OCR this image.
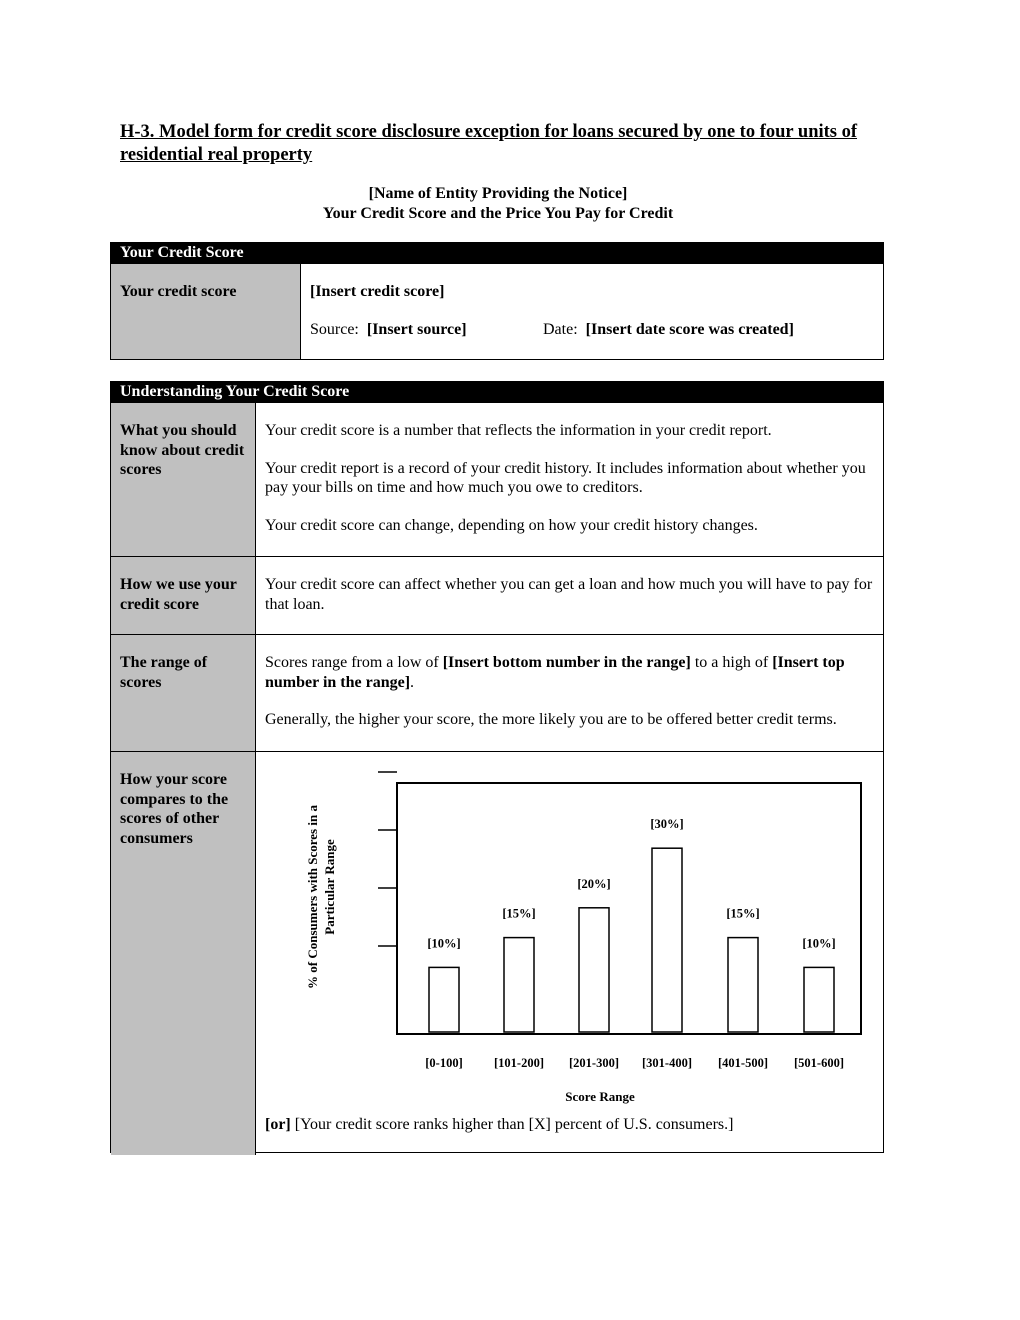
H-3. Model form for credit score disclosure exception for loans secured by one to four units of residential real property
[Name of Entity Providing the Notice]
Your Credit Score and the Price You Pay for Credit
Your Credit Score
Your credit score	[Insert credit score]
Source: [Insert source]	Date: [Insert date score was created]
Understanding Your Credit Score
What you should know about credit scores

Your credit score is a number that reflects the information in your credit report.

Your credit report is a record of your credit history. It includes information about whether you pay your bills on time and how much you owe to creditors.

Your credit score can change, depending on how your credit history changes.

How we use your credit score

Your credit score can affect whether you can get a loan and how much you will have to pay for that loan.

The range of scores

Scores range from a low of [Insert bottom number in the range] to a high of [Insert top number in the range].

Generally, the higher your score, the more likely you are to be offered better credit terms.

How your score compares to the scores of other consumers
[10%]
[0-100]
[15%]
[101-200]
[20%]
[201-300]
[30%]
[301-400]
[15%]
[401-500]
[10%]
[501-600]
Score Range
% of Consumers with Scores in a Particular Range
[or] [Your credit score ranks higher than [X] percent of U.S. consumers.]
